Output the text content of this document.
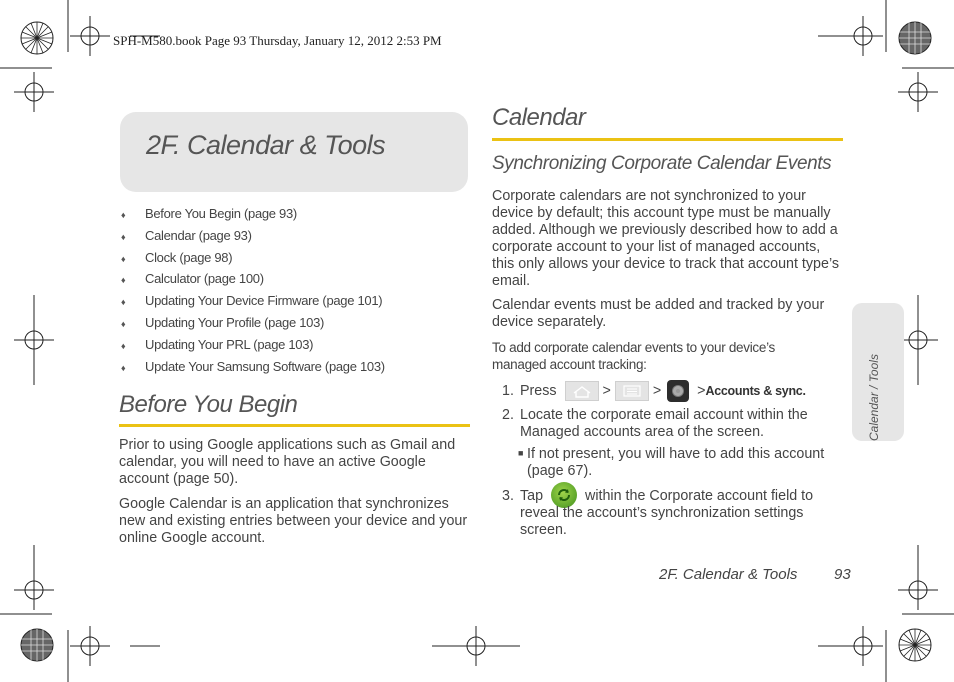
SPH-M580.book Page 93 Thursday, January 12, 2012 2:53 PM
2F. Calendar & Tools
♦ Before You Begin (page 93)
♦ Calendar (page 93)
♦ Clock (page 98)
♦ Calculator (page 100)
♦ Updating Your Device Firmware (page 101)
♦ Updating Your Profile (page 103)
♦ Updating Your PRL (page 103)
♦ Update Your Samsung Software (page 103)
Before You Begin
Prior to using Google applications such as Gmail and calendar, you will need to have an active Google account (page 50).
Google Calendar is an application that synchronizes new and existing entries between your device and your online Google account.
Calendar
Synchronizing Corporate Calendar Events
Corporate calendars are not synchronized to your device by default; this account type must be manually added. Although we previously described how to add a corporate account to your list of managed accounts, this only allows your device to track that account type’s email.
Calendar events must be added and tracked by your device separately.
To add corporate calendar events to your device’s managed account tracking:
1. Press	>	>	>Accounts & sync.
2. Locate the corporate email account within the Managed accounts area of the screen.
■ If not present, you will have to add this account (page 67).
3. Tap	within the Corporate account field to reveal the account’s synchronization settings screen.
Calendar / Tools
2F. Calendar & Tools 93
